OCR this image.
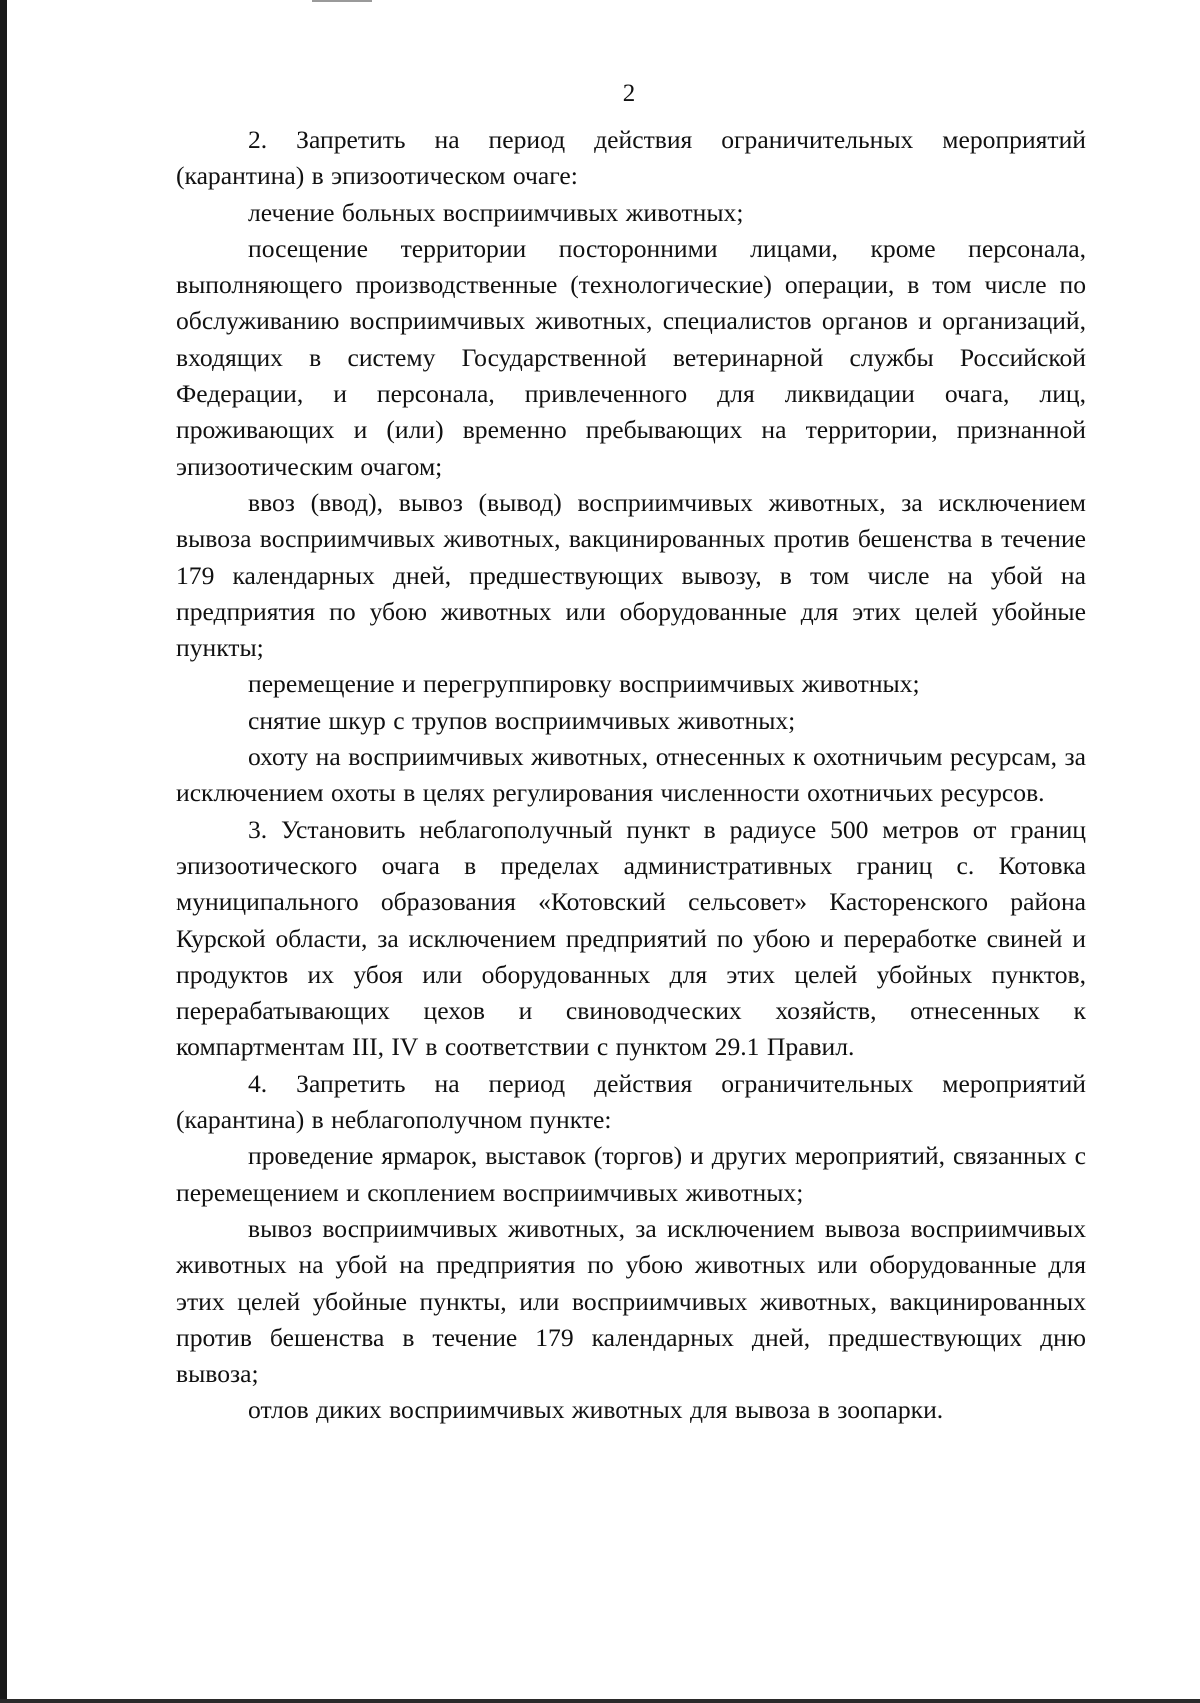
2

2. Запретить на период действия ограничительных мероприятий (карантина) в эпизоотическом очаге:

лечение больных восприимчивых животных;

посещение территории посторонними лицами, кроме персонала, выполняющего производственные (технологические) операции, в том числе по обслуживанию восприимчивых животных, специалистов органов и организаций, входящих в систему Государственной ветеринарной службы Российской Федерации, и персонала, привлеченного для ликвидации очага, лиц, проживающих и (или) временно пребывающих на территории, признанной эпизоотическим очагом;

ввоз (ввод), вывоз (вывод) восприимчивых животных, за исключением вывоза восприимчивых животных, вакцинированных против бешенства в течение 179 календарных дней, предшествующих вывозу, в том числе на убой на предприятия по убою животных или оборудованные для этих целей убойные пункты;

перемещение и перегруппировку восприимчивых животных;

снятие шкур с трупов восприимчивых животных;

охоту на восприимчивых животных, отнесенных к охотничьим ресурсам, за исключением охоты в целях регулирования численности охотничьих ресурсов.

3. Установить неблагополучный пункт в радиусе 500 метров от границ эпизоотического очага в пределах административных границ с. Котовка муниципального образования «Котовский сельсовет» Касторенского района Курской области, за исключением предприятий по убою и переработке свиней и продуктов их убоя или оборудованных для этих целей убойных пунктов, перерабатывающих цехов и свиноводческих хозяйств, отнесенных к компартментам III, IV в соответствии с пунктом 29.1 Правил.

4. Запретить на период действия ограничительных мероприятий (карантина) в неблагополучном пункте:

проведение ярмарок, выставок (торгов) и других мероприятий, связанных с перемещением и скоплением восприимчивых животных;

вывоз восприимчивых животных, за исключением вывоза восприимчивых животных на убой на предприятия по убою животных или оборудованные для этих целей убойные пункты, или восприимчивых животных, вакцинированных против бешенства в течение 179 календарных дней, предшествующих дню вывоза;

отлов диких восприимчивых животных для вывоза в зоопарки.
